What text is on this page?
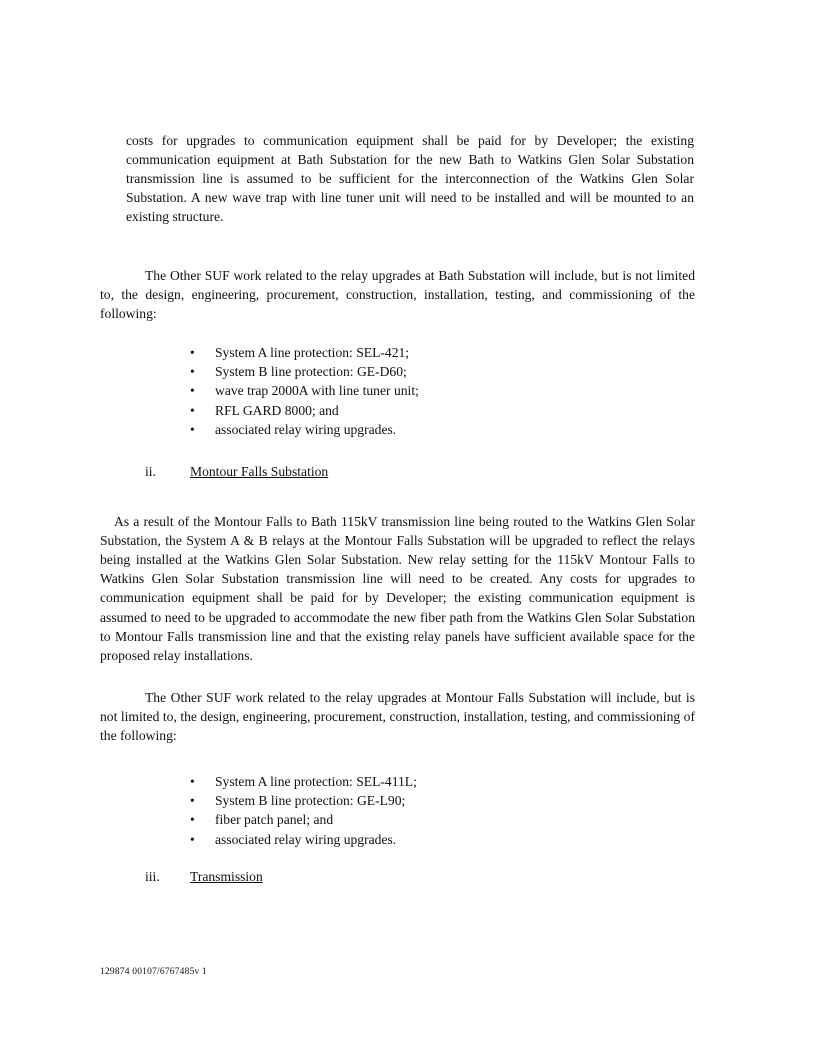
costs for upgrades to communication equipment shall be paid for by Developer; the existing communication equipment at Bath Substation for the new Bath to Watkins Glen Solar Substation transmission line is assumed to be sufficient for the interconnection of the Watkins Glen Solar Substation. A new wave trap with line tuner unit will need to be installed and will be mounted to an existing structure.

The Other SUF work related to the relay upgrades at Bath Substation will include, but is not limited to, the design, engineering, procurement, construction, installation, testing, and commissioning of the following:

•	System A line protection: SEL-421;
•	System B line protection: GE-D60;
•	wave trap 2000A with line tuner unit;
•	RFL GARD 8000; and
•	associated relay wiring upgrades.
ii.	Montour Falls Substation

As a result of the Montour Falls to Bath 115kV transmission line being routed to the Watkins Glen Solar Substation, the System A & B relays at the Montour Falls Substation will be upgraded to reflect the relays being installed at the Watkins Glen Solar Substation. New relay setting for the 115kV Montour Falls to Watkins Glen Solar Substation transmission line will need to be created. Any costs for upgrades to communication equipment shall be paid for by Developer; the existing communication equipment is assumed to need to be upgraded to accommodate the new fiber path from the Watkins Glen Solar Substation to Montour Falls transmission line and that the existing relay panels have sufficient available space for the proposed relay installations.

The Other SUF work related to the relay upgrades at Montour Falls Substation will include, but is not limited to, the design, engineering, procurement, construction, installation, testing, and commissioning of the following:

•	System A line protection: SEL-411L;
•	System B line protection: GE-L90;
•	fiber patch panel; and
•	associated relay wiring upgrades.
iii. Transmission
129874 00107/6767485v 1
